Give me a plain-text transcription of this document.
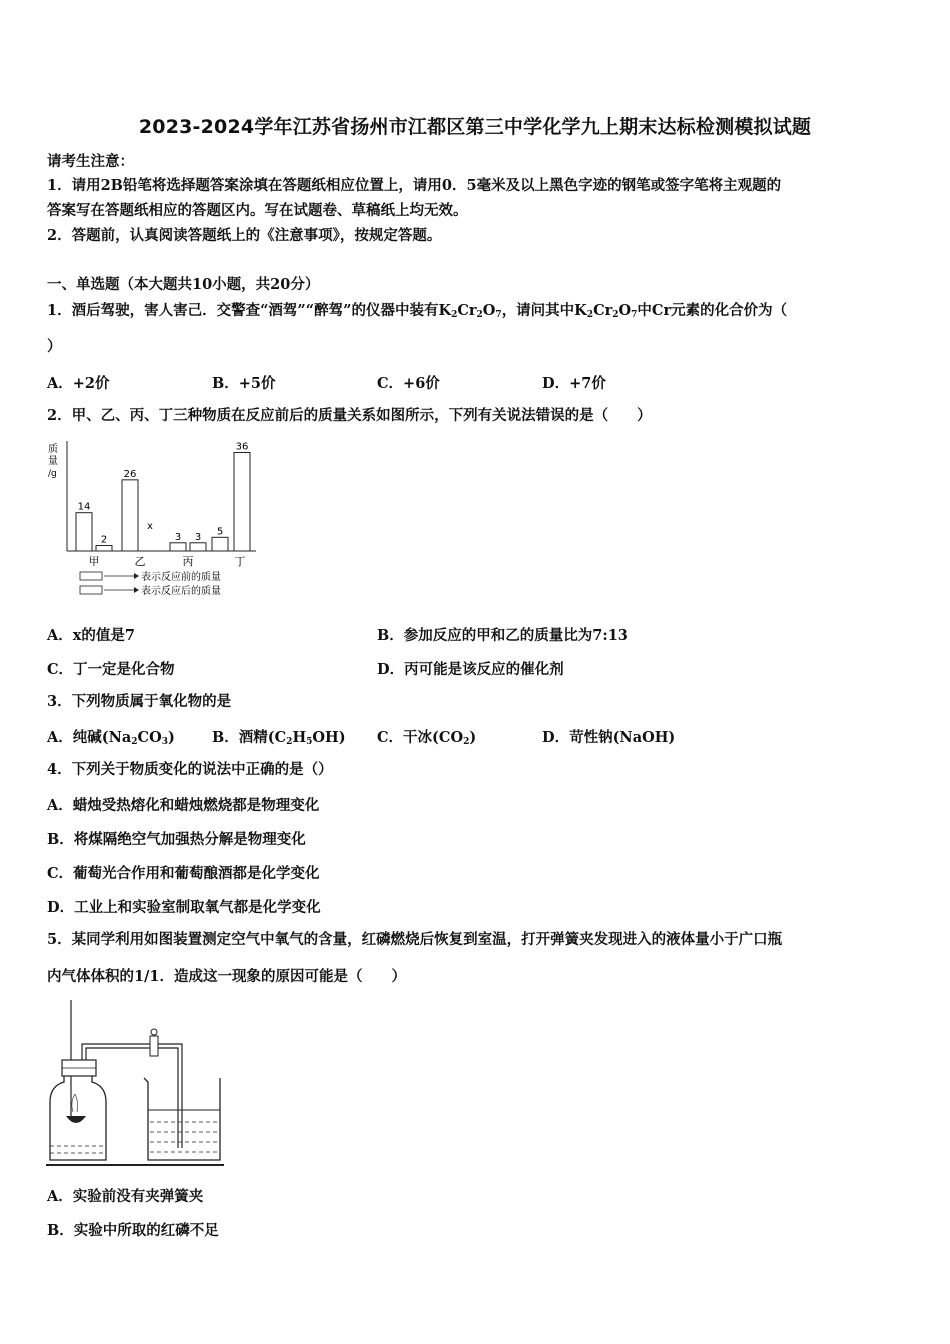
2023-2024学年江苏省扬州市江都区第三中学化学九上期末达标检测模拟试题
请考生注意：
1．请用2B铅笔将选择题答案涂填在答题纸相应位置上，请用0．5毫米及以上黑色字迹的钢笔或签字笔将主观题的
答案写在答题纸相应的答题区内。写在试题卷、草稿纸上均无效。
2．答题前，认真阅读答题纸上的《注意事项》，按规定答题。
一、单选题（本大题共10小题，共20分）
1．酒后驾驶，害人害己．交警查“酒驾”“醉驾”的仪器中装有$K_2Cr_2O_7$，请问其中$K_2Cr_2O_7$中Cr元素的化合价为（
）
A．+2价	B．+5价	C．+6价	D．+7价
2．甲、乙、丙、丁三种物质在反应前后的质量关系如图所示，下列有关说法错误的是（　　）
质
量
/g
14
2
26
x
3 3 5
36
甲	乙	丙	丁
表示反应前的质量
表示反应后的质量
A．x的值是7	B．参加反应的甲和乙的质量比为7:13
C．丁一定是化合物	D．丙可能是该反应的催化剂
3．下列物质属于氧化物的是
A．纯碱$(Na_2CO_3)$	B．酒精$(C_2H_5OH)$ C．干冰$(CO_2)$	D．苛性钠(NaOH)
4．下列关于物质变化的说法中正确的是（）
A．蜡烛受热熔化和蜡烛燃烧都是物理变化
B．将煤隔绝空气加强热分解是物理变化
C．葡萄光合作用和葡萄酿酒都是化学变化
D．工业上和实验室制取氧气都是化学变化
5．某同学利用如图装置测定空气中氧气的含量，红磷燃烧后恢复到室温，打开弹簧夹发现进入的液体量小于广口瓶
内气体体积的1/1．造成这一现象的原因可能是（　　）
A．实验前没有夹弹簧夹
B．实验中所取的红磷不足
